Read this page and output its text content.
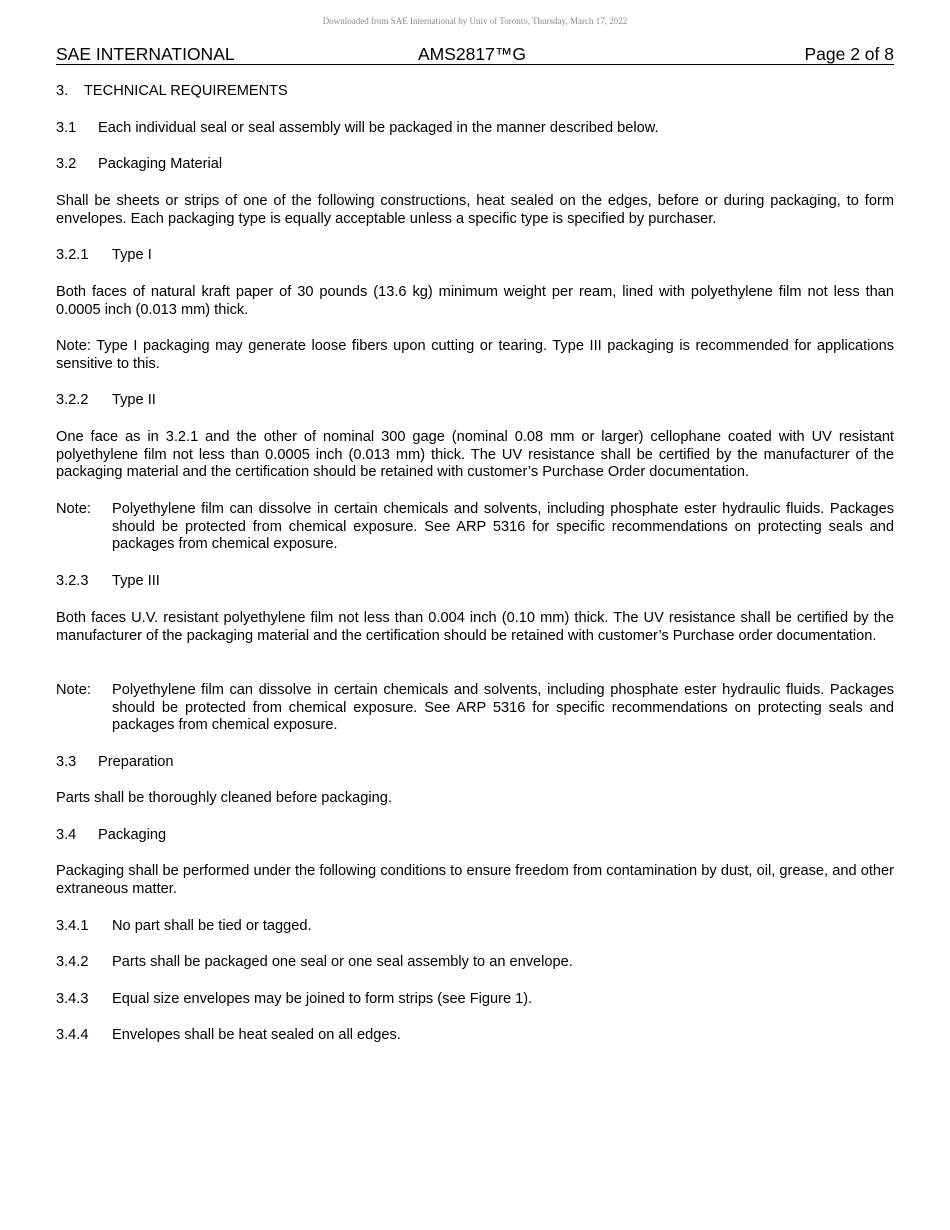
Downloaded from SAE International by Univ of Toronto, Thursday, March 17, 2022
SAE INTERNATIONAL	AMS2817™G	Page 2 of 8
3. TECHNICAL REQUIREMENTS
3.1 Each individual seal or seal assembly will be packaged in the manner described below.
3.2 Packaging Material
Shall be sheets or strips of one of the following constructions, heat sealed on the edges, before or during packaging, to form envelopes. Each packaging type is equally acceptable unless a specific type is specified by purchaser.
3.2.1 Type I
Both faces of natural kraft paper of 30 pounds (13.6 kg) minimum weight per ream, lined with polyethylene film not less than 0.0005 inch (0.013 mm) thick.
Note: Type I packaging may generate loose fibers upon cutting or tearing. Type III packaging is recommended for applications sensitive to this.
3.2.2 Type II
One face as in 3.2.1 and the other of nominal 300 gage (nominal 0.08 mm or larger) cellophane coated with UV resistant polyethylene film not less than 0.0005 inch (0.013 mm) thick. The UV resistance shall be certified by the manufacturer of the packaging material and the certification should be retained with customer’s Purchase Order documentation.
Note: Polyethylene film can dissolve in certain chemicals and solvents, including phosphate ester hydraulic fluids. Packages should be protected from chemical exposure. See ARP 5316 for specific recommendations on protecting seals and packages from chemical exposure.
3.2.3 Type III
Both faces U.V. resistant polyethylene film not less than 0.004 inch (0.10 mm) thick. The UV resistance shall be certified by the manufacturer of the packaging material and the certification should be retained with customer’s Purchase order documentation.
Note: Polyethylene film can dissolve in certain chemicals and solvents, including phosphate ester hydraulic fluids. Packages should be protected from chemical exposure. See ARP 5316 for specific recommendations on protecting seals and packages from chemical exposure.
3.3 Preparation
Parts shall be thoroughly cleaned before packaging.
3.4 Packaging
Packaging shall be performed under the following conditions to ensure freedom from contamination by dust, oil, grease, and other extraneous matter.
3.4.1 No part shall be tied or tagged.
3.4.2 Parts shall be packaged one seal or one seal assembly to an envelope.
3.4.3 Equal size envelopes may be joined to form strips (see Figure 1).
3.4.4 Envelopes shall be heat sealed on all edges.
